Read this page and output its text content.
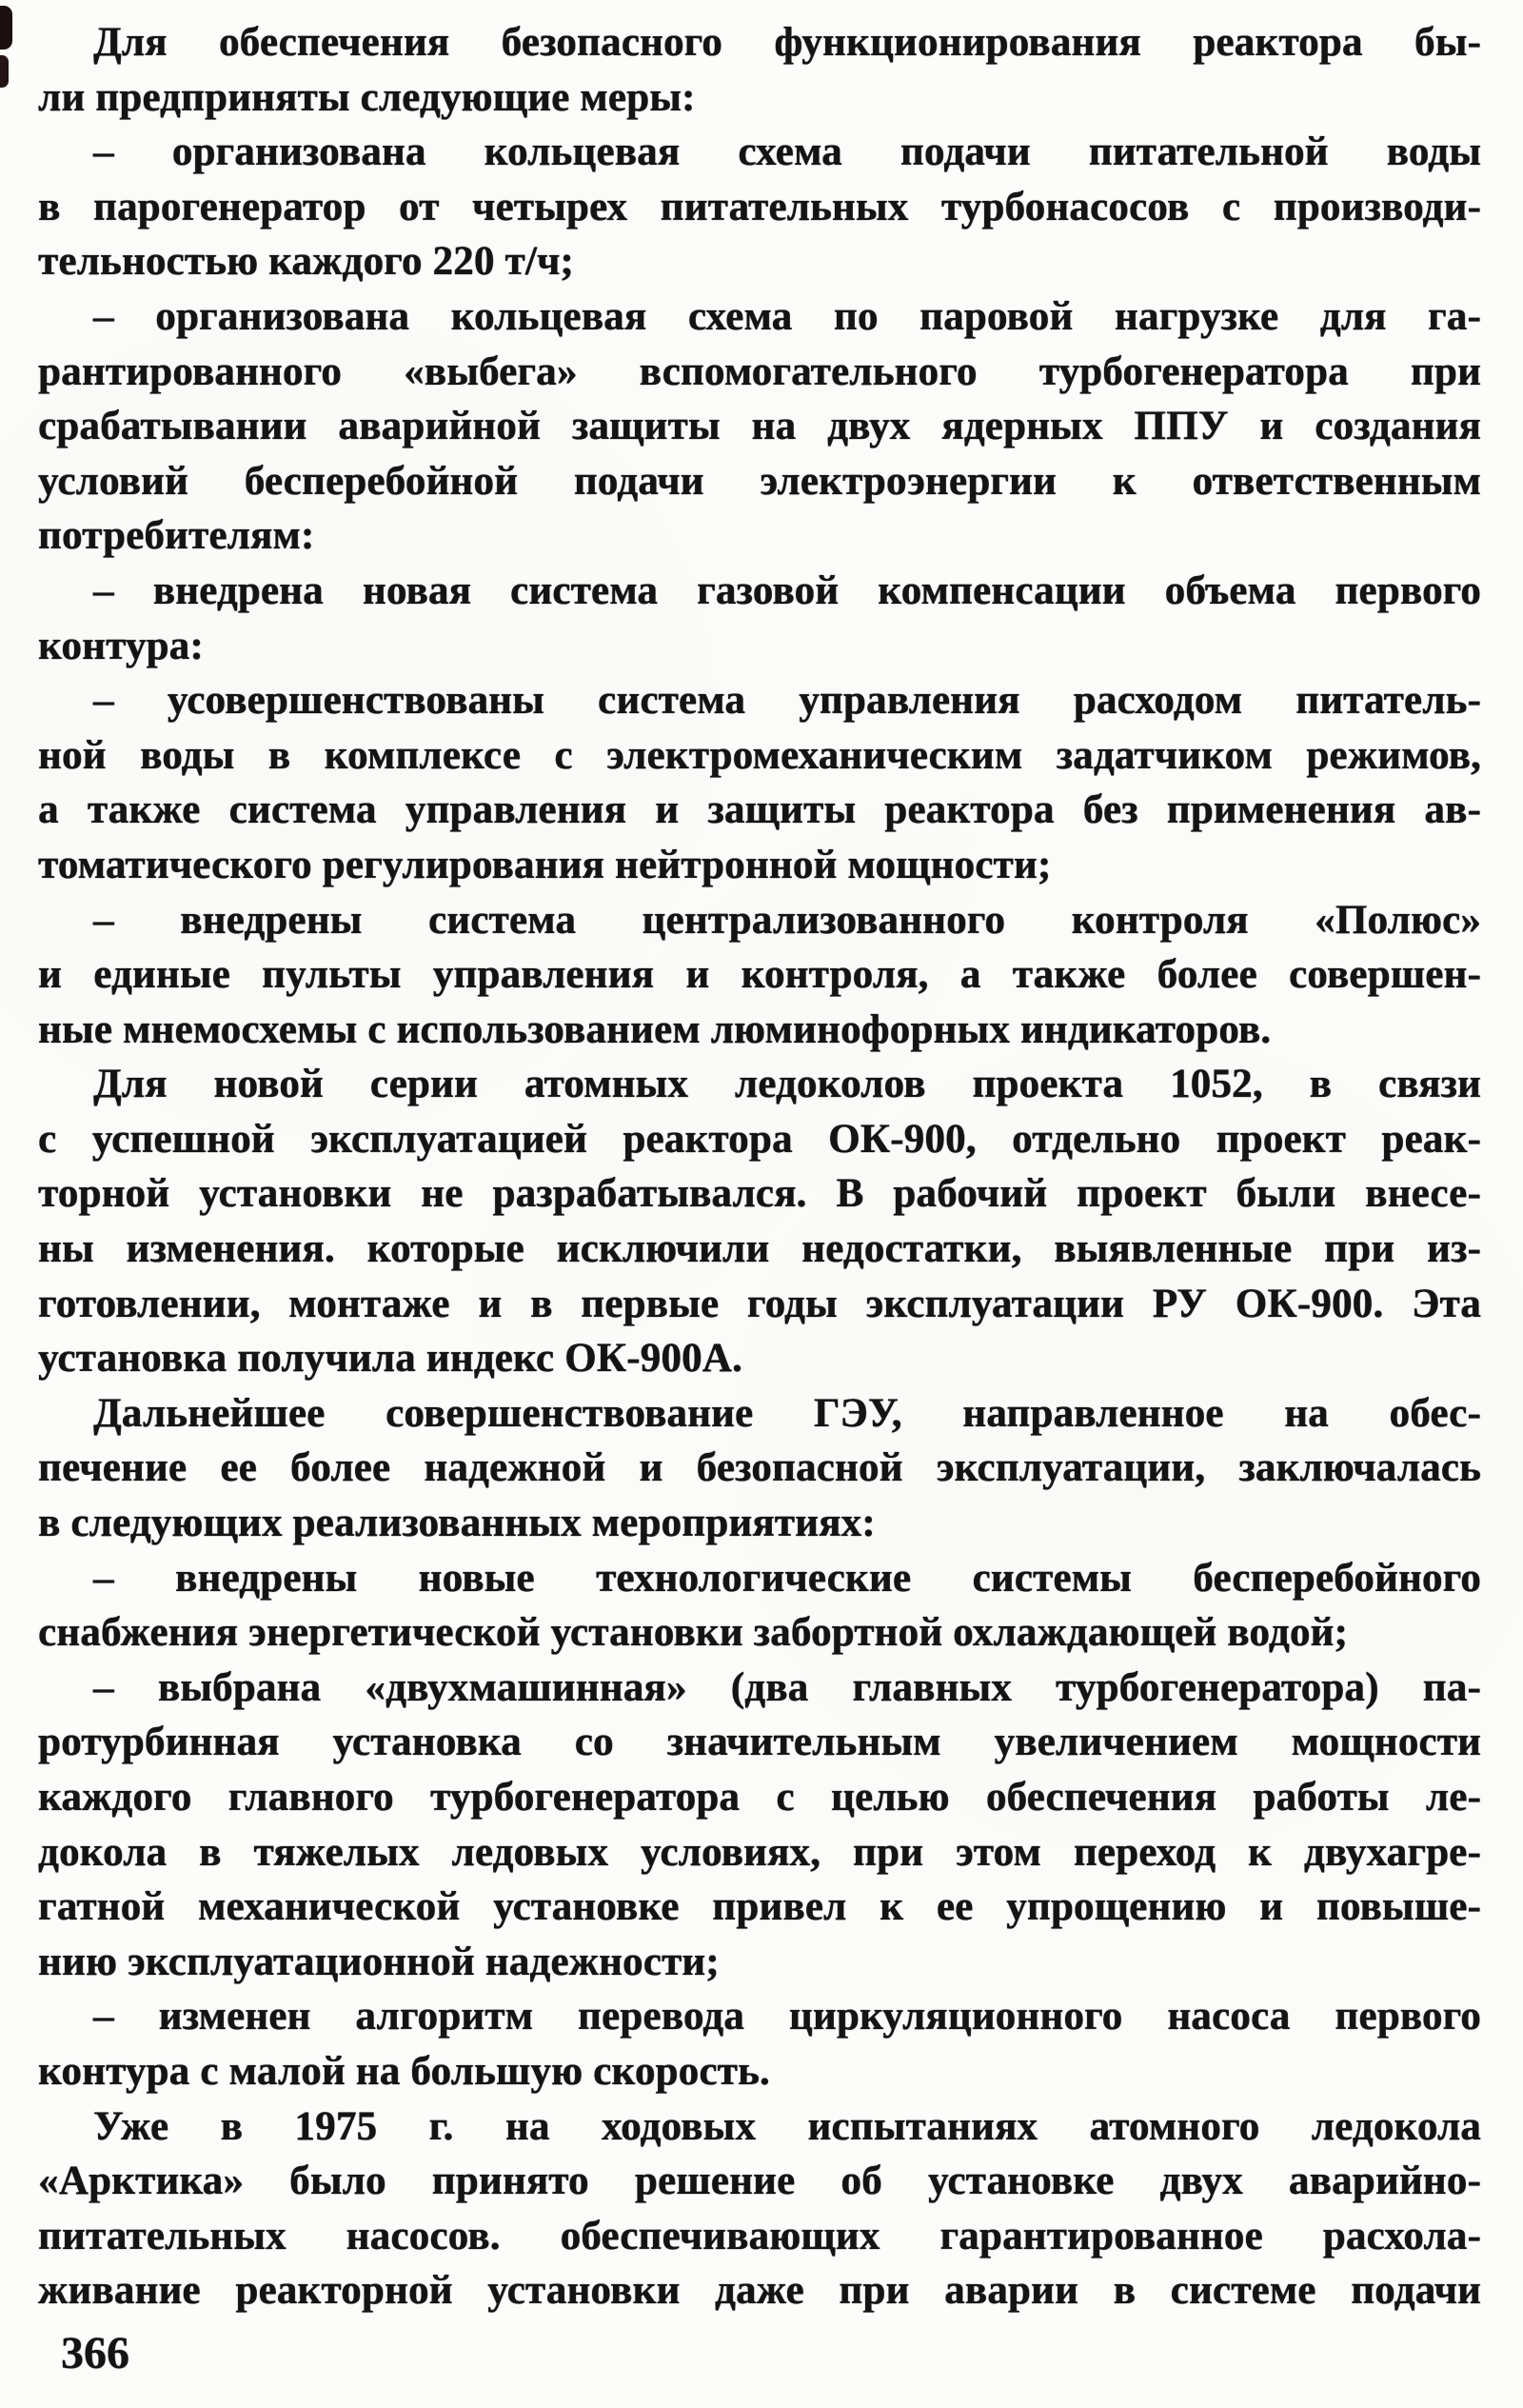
Для обеспечения безопасного функционирования реактора бы-
ли предприняты следующие меры:
– организована кольцевая схема подачи питательной воды
в парогенератор от четырех питательных турбонасосов с производи-
тельностью каждого 220 т/ч;
– организована кольцевая схема по паровой нагрузке для га-
рантированного «выбега» вспомогательного турбогенератора при
срабатывании аварийной защиты на двух ядерных ППУ и создания
условий бесперебойной подачи электроэнергии к ответственным
потребителям:
– внедрена новая система газовой компенсации объема первого
контура:
– усовершенствованы система управления расходом питатель-
ной воды в комплексе с электромеханическим задатчиком режимов,
а также система управления и защиты реактора без применения ав-
томатического регулирования нейтронной мощности;
– внедрены система централизованного контроля «Полюс»
и единые пульты управления и контроля, а также более совершен-
ные мнемосхемы с использованием люминофорных индикаторов.
Для новой серии атомных ледоколов проекта 1052, в связи
с успешной эксплуатацией реактора ОК-900, отдельно проект реак-
торной установки не разрабатывался. В рабочий проект были внесе-
ны изменения. которые исключили недостатки, выявленные при из-
готовлении, монтаже и в первые годы эксплуатации РУ ОК-900. Эта
установка получила индекс ОК-900А.
Дальнейшее совершенствование ГЭУ, направленное на обес-
печение ее более надежной и безопасной эксплуатации, заключалась
в следующих реализованных мероприятиях:
– внедрены новые технологические системы бесперебойного
снабжения энергетической установки забортной охлаждающей водой;
– выбрана «двухмашинная» (два главных турбогенератора) па-
ротурбинная установка со значительным увеличением мощности
каждого главного турбогенератора с целью обеспечения работы ле-
докола в тяжелых ледовых условиях, при этом переход к двухагре-
гатной механической установке привел к ее упрощению и повыше-
нию эксплуатационной надежности;
– изменен алгоритм перевода циркуляционного насоса первого
контура с малой на большую скорость.
Уже в 1975 г. на ходовых испытаниях атомного ледокола
«Арктика» было принято решение об установке двух аварийно-
питательных насосов. обеспечивающих гарантированное расхола-
живание реакторной установки даже при аварии в системе подачи
366
